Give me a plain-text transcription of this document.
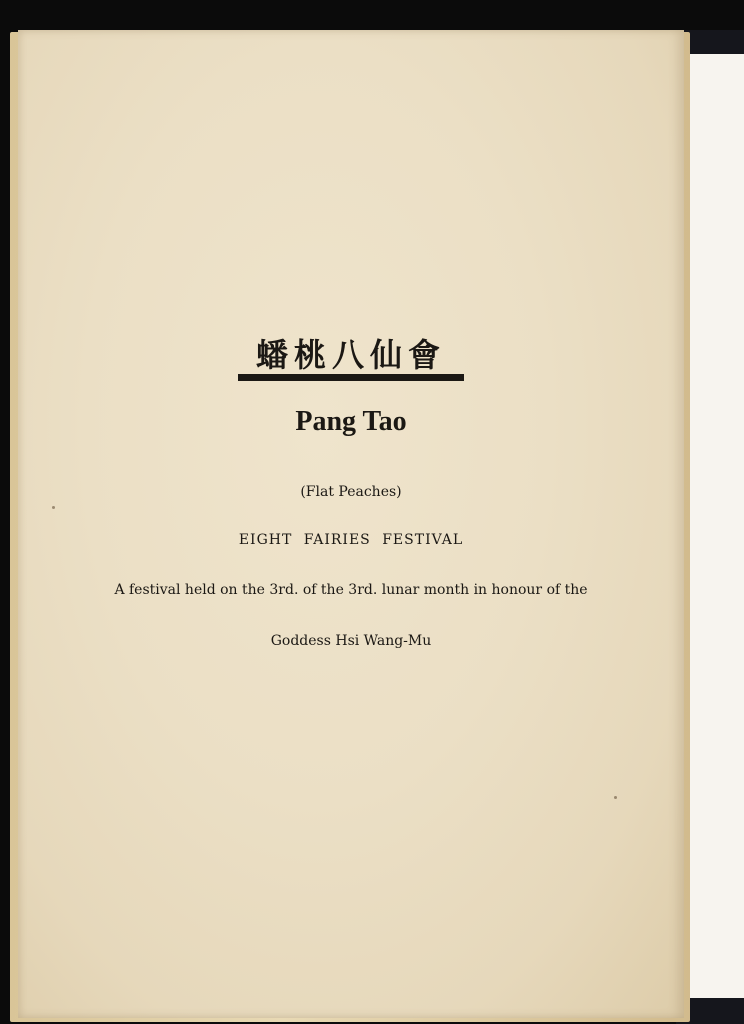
蟠桃八仙會
Pang Tao
(Flat Peaches)
EIGHT FAIRIES FESTIVAL
A festival held on the 3rd. of the 3rd. lunar month in honour of the
Goddess Hsi Wang-Mu
